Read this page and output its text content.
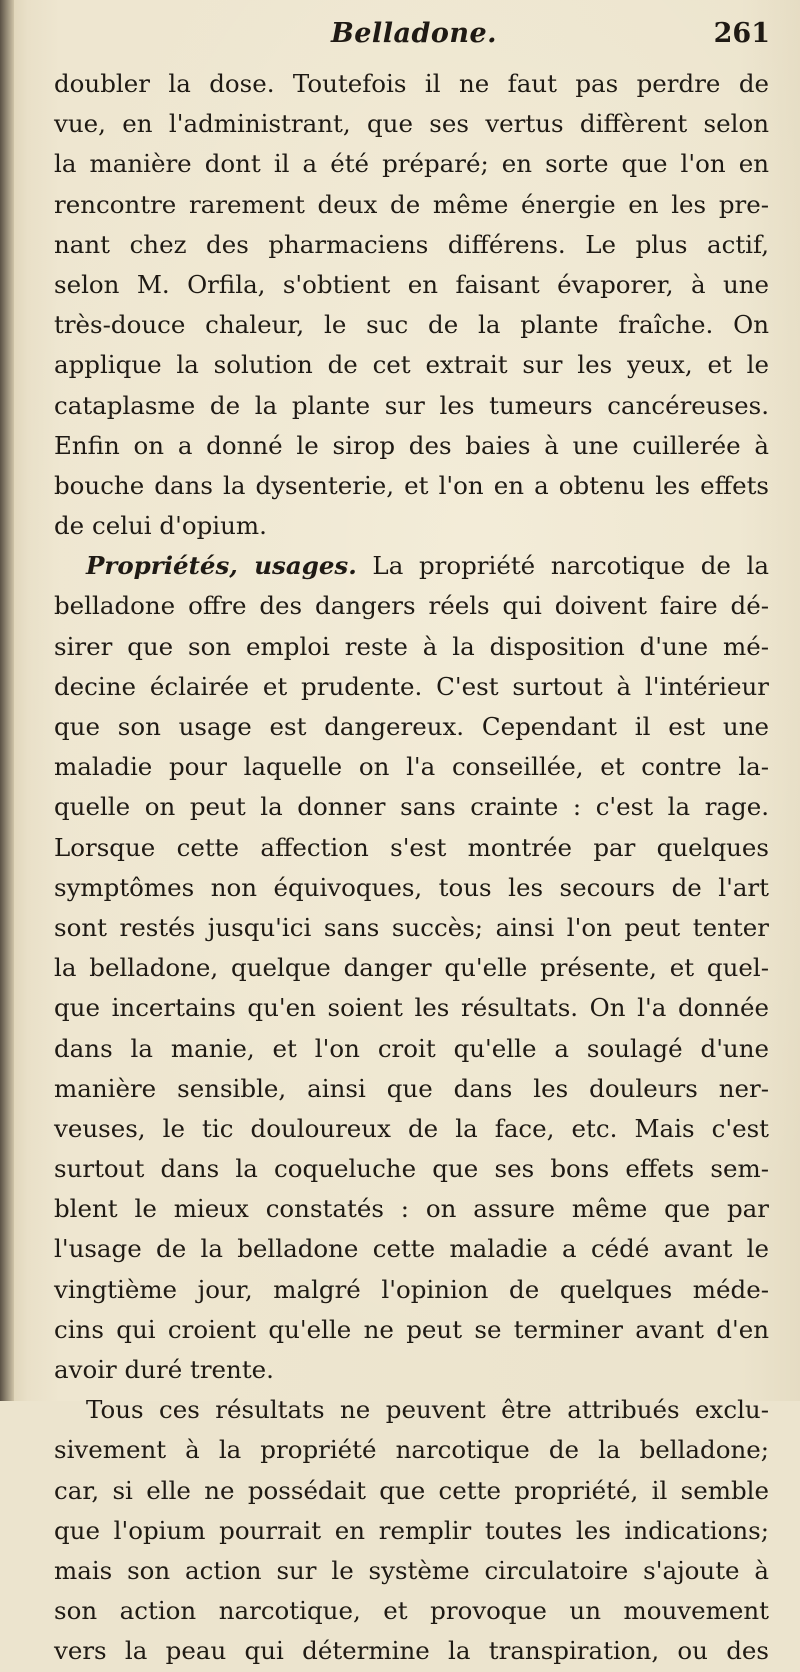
Belladone.	261
doubler la dose. Toutefois il ne faut pas perdre de
vue, en l'administrant, que ses vertus diffèrent selon
la manière dont il a été préparé; en sorte que l'on en
rencontre rarement deux de même énergie en les pre-
nant chez des pharmaciens différens. Le plus actif,
selon M. Orfila, s'obtient en faisant évaporer, à une
très-douce chaleur, le suc de la plante fraîche. On
applique la solution de cet extrait sur les yeux, et le
cataplasme de la plante sur les tumeurs cancéreuses.
Enfin on a donné le sirop des baies à une cuillerée à
bouche dans la dysenterie, et l'on en a obtenu les effets
de celui d'opium.
Propriétés, usages. La propriété narcotique de la
belladone offre des dangers réels qui doivent faire dé-
sirer que son emploi reste à la disposition d'une mé-
decine éclairée et prudente. C'est surtout à l'intérieur
que son usage est dangereux. Cependant il est une
maladie pour laquelle on l'a conseillée, et contre la-
quelle on peut la donner sans crainte : c'est la rage.
Lorsque cette affection s'est montrée par quelques
symptômes non équivoques, tous les secours de l'art
sont restés jusqu'ici sans succès; ainsi l'on peut tenter
la belladone, quelque danger qu'elle présente, et quel-
que incertains qu'en soient les résultats. On l'a donnée
dans la manie, et l'on croit qu'elle a soulagé d'une
manière sensible, ainsi que dans les douleurs ner-
veuses, le tic douloureux de la face, etc. Mais c'est
surtout dans la coqueluche que ses bons effets sem-
blent le mieux constatés : on assure même que par
l'usage de la belladone cette maladie a cédé avant le
vingtième jour, malgré l'opinion de quelques méde-
cins qui croient qu'elle ne peut se terminer avant d'en
avoir duré trente.
Tous ces résultats ne peuvent être attribués exclu-
sivement à la propriété narcotique de la belladone;
car, si elle ne possédait que cette propriété, il semble
que l'opium pourrait en remplir toutes les indications;
mais son action sur le système circulatoire s'ajoute à
son action narcotique, et provoque un mouvement
vers la peau qui détermine la transpiration, ou des
